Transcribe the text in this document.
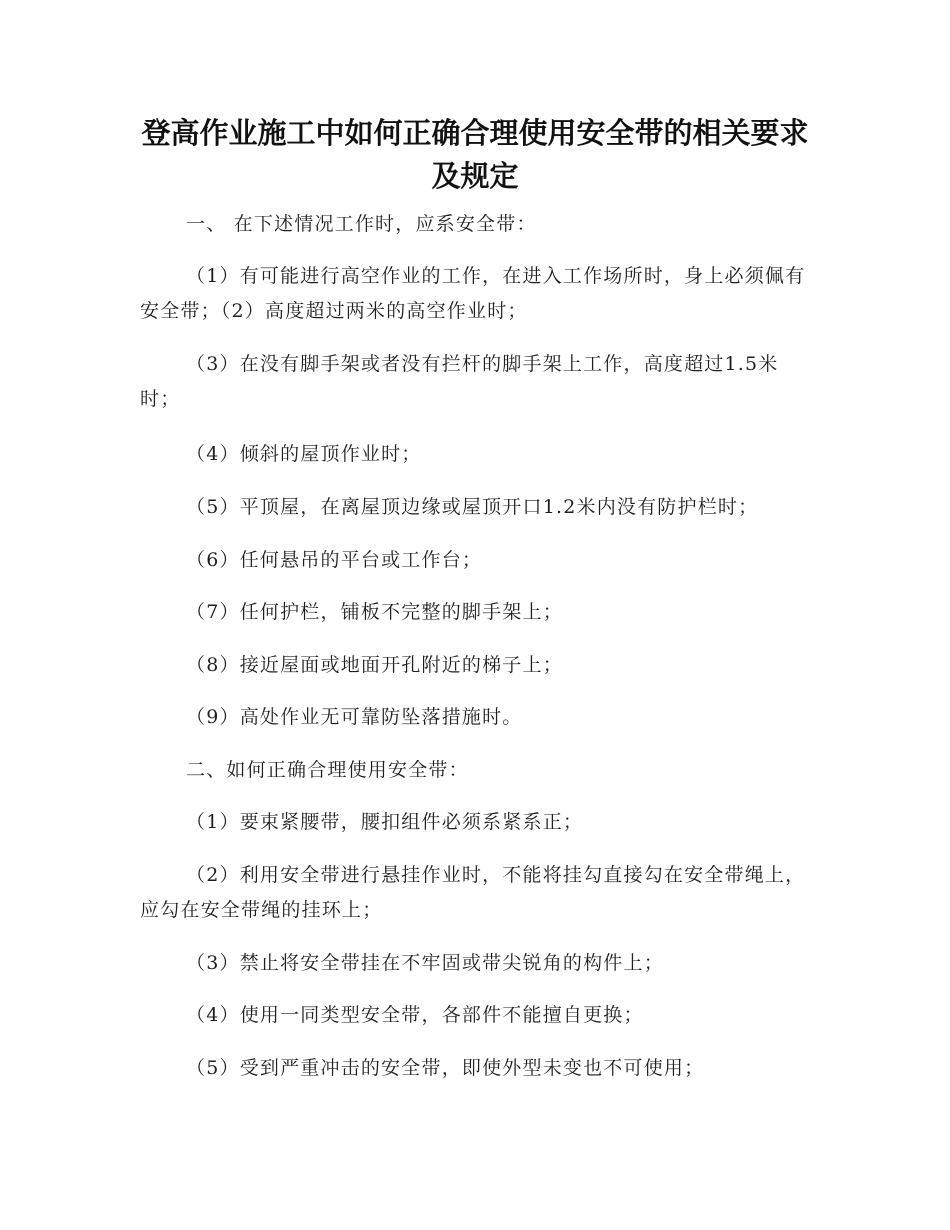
登高作业施工中如何正确合理使用安全带的相关要求及规定

一、 在下述情况工作时，应系安全带：

（1）有可能进行高空作业的工作，在进入工作场所时，身上必须佩有安全带；（2）高度超过两米的高空作业时；

（3）在没有脚手架或者没有拦杆的脚手架上工作，高度超过1.5米时；

（4）倾斜的屋顶作业时；

（5）平顶屋，在离屋顶边缘或屋顶开口1.2米内没有防护栏时；

（6）任何悬吊的平台或工作台；

（7）任何护栏，铺板不完整的脚手架上；

（8）接近屋面或地面开孔附近的梯子上；

（9）高处作业无可靠防坠落措施时。

二、如何正确合理使用安全带：

（1）要束紧腰带，腰扣组件必须系紧系正；

（2）利用安全带进行悬挂作业时，不能将挂勾直接勾在安全带绳上，应勾在安全带绳的挂环上；

（3）禁止将安全带挂在不牢固或带尖锐角的构件上；

（4）使用一同类型安全带，各部件不能擅自更换；

（5）受到严重冲击的安全带，即使外型未变也不可使用；
